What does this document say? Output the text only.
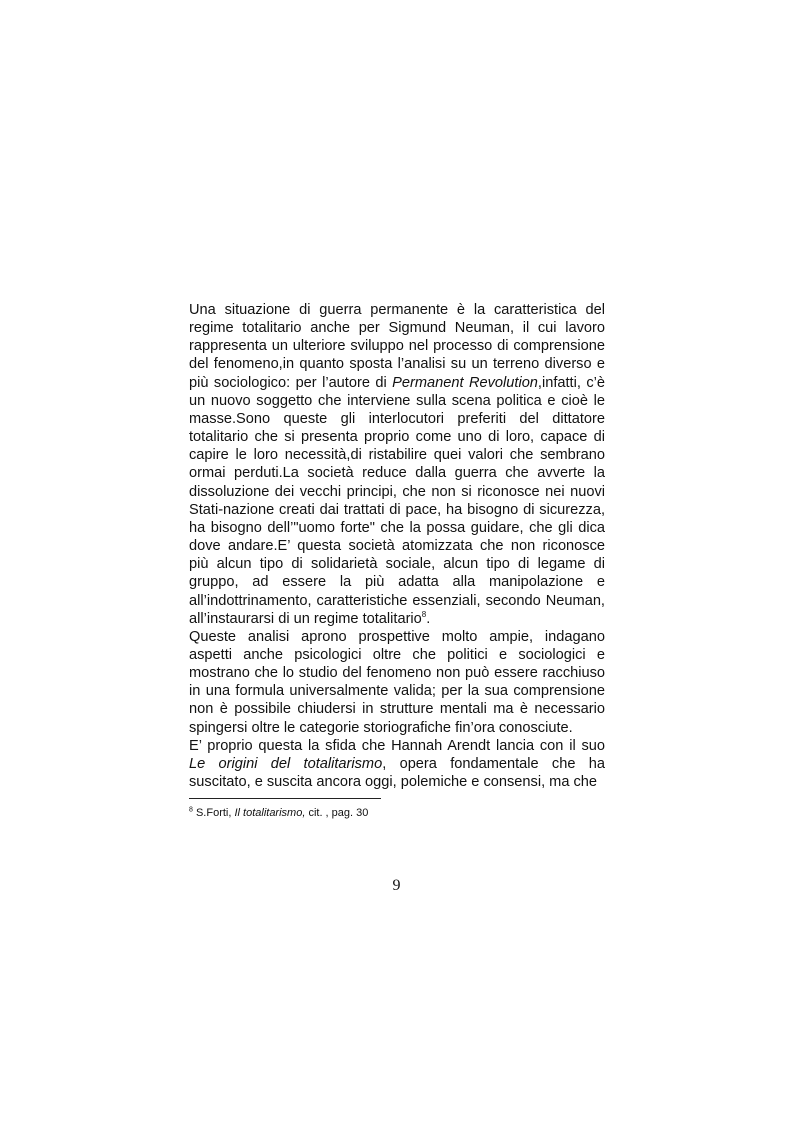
Una situazione di guerra permanente è la caratteristica del regime totalitario anche per Sigmund Neuman, il cui lavoro rappresenta un ulteriore sviluppo nel processo di comprensione del fenomeno,in quanto sposta l’analisi su un terreno diverso e più sociologico: per l’autore di Permanent Revolution,infatti, c’è un nuovo soggetto che interviene sulla scena politica e cioè le masse.Sono queste gli interlocutori preferiti del dittatore totalitario che si presenta proprio come uno di loro, capace di capire le loro necessità,di ristabilire quei valori che sembrano ormai perduti.La società reduce dalla guerra che avverte la dissoluzione dei vecchi principi, che non si riconosce nei nuovi Stati-nazione creati dai trattati di pace, ha bisogno di sicurezza, ha bisogno dell’"uomo forte" che la possa guidare, che gli dica dove andare.E’ questa società atomizzata che non riconosce più alcun tipo di solidarietà sociale, alcun tipo di legame di gruppo, ad essere la più adatta alla manipolazione e all’indottrinamento, caratteristiche essenziali, secondo Neuman, all’instaurarsi di un regime totalitario$^8$.

Queste analisi aprono prospettive molto ampie, indagano aspetti anche psicologici oltre che politici e sociologici e mostrano che lo studio del fenomeno non può essere racchiuso in una formula universalmente valida; per la sua comprensione non è possibile chiudersi in strutture mentali ma è necessario spingersi oltre le categorie storiografiche fin’ora conosciute.

E’ proprio questa la sfida che Hannah Arendt lancia con il suo Le origini del totalitarismo, opera fondamentale che ha suscitato, e suscita ancora oggi, polemiche e consensi, ma che

$^8$ S.Forti, Il totalitarismo, cit. , pag. 30
9
